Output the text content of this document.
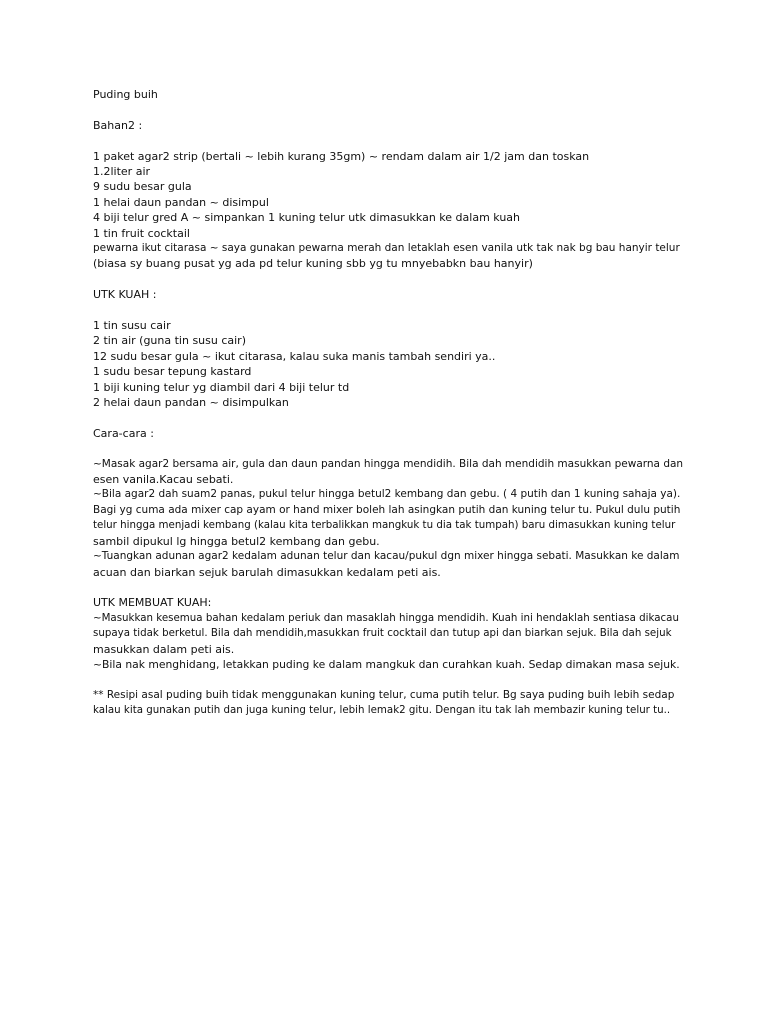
Puding buih

Bahan2 :

1 paket agar2 strip (bertali ~ lebih kurang 35gm) ~ rendam dalam air 1/2 jam dan toskan

1.2liter air

9 sudu besar gula

1 helai daun pandan ~ disimpul

4 biji telur gred A ~ simpankan 1 kuning telur utk dimasukkan ke dalam kuah

1 tin fruit cocktail

pewarna ikut citarasa ~ saya gunakan pewarna merah dan letaklah esen vanila utk tak nak bg bau hanyir telur

(biasa sy buang pusat yg ada pd telur kuning sbb yg tu mnyebabkn bau hanyir)

UTK KUAH :

1 tin susu cair

2 tin air (guna tin susu cair)

12 sudu besar gula ~ ikut citarasa, kalau suka manis tambah sendiri ya..

1 sudu besar tepung kastard

1 biji kuning telur yg diambil dari 4 biji telur td

2 helai daun pandan ~ disimpulkan

Cara-cara :

~Masak agar2 bersama air, gula dan daun pandan hingga mendidih. Bila dah mendidih masukkan pewarna dan

esen vanila.Kacau sebati.

~Bila agar2 dah suam2 panas, pukul telur hingga betul2 kembang dan gebu. ( 4 putih dan 1 kuning sahaja ya).

Bagi yg cuma ada mixer cap ayam or hand mixer boleh lah asingkan putih dan kuning telur tu. Pukul dulu putih

telur hingga menjadi kembang (kalau kita terbalikkan mangkuk tu dia tak tumpah) baru dimasukkan kuning telur

sambil dipukul lg hingga betul2 kembang dan gebu.

~Tuangkan adunan agar2 kedalam adunan telur dan kacau/pukul dgn mixer hingga sebati. Masukkan ke dalam

acuan dan biarkan sejuk barulah dimasukkan kedalam peti ais.

UTK MEMBUAT KUAH:

~Masukkan kesemua bahan kedalam periuk dan masaklah hingga mendidih. Kuah ini hendaklah sentiasa dikacau

supaya tidak berketul. Bila dah mendidih,masukkan fruit cocktail dan tutup api dan biarkan sejuk. Bila dah sejuk

masukkan dalam peti ais.

~Bila nak menghidang, letakkan puding ke dalam mangkuk dan curahkan kuah. Sedap dimakan masa sejuk.

** Resipi asal puding buih tidak menggunakan kuning telur, cuma putih telur. Bg saya puding buih lebih sedap

kalau kita gunakan putih dan juga kuning telur, lebih lemak2 gitu. Dengan itu tak lah membazir kuning telur tu..
